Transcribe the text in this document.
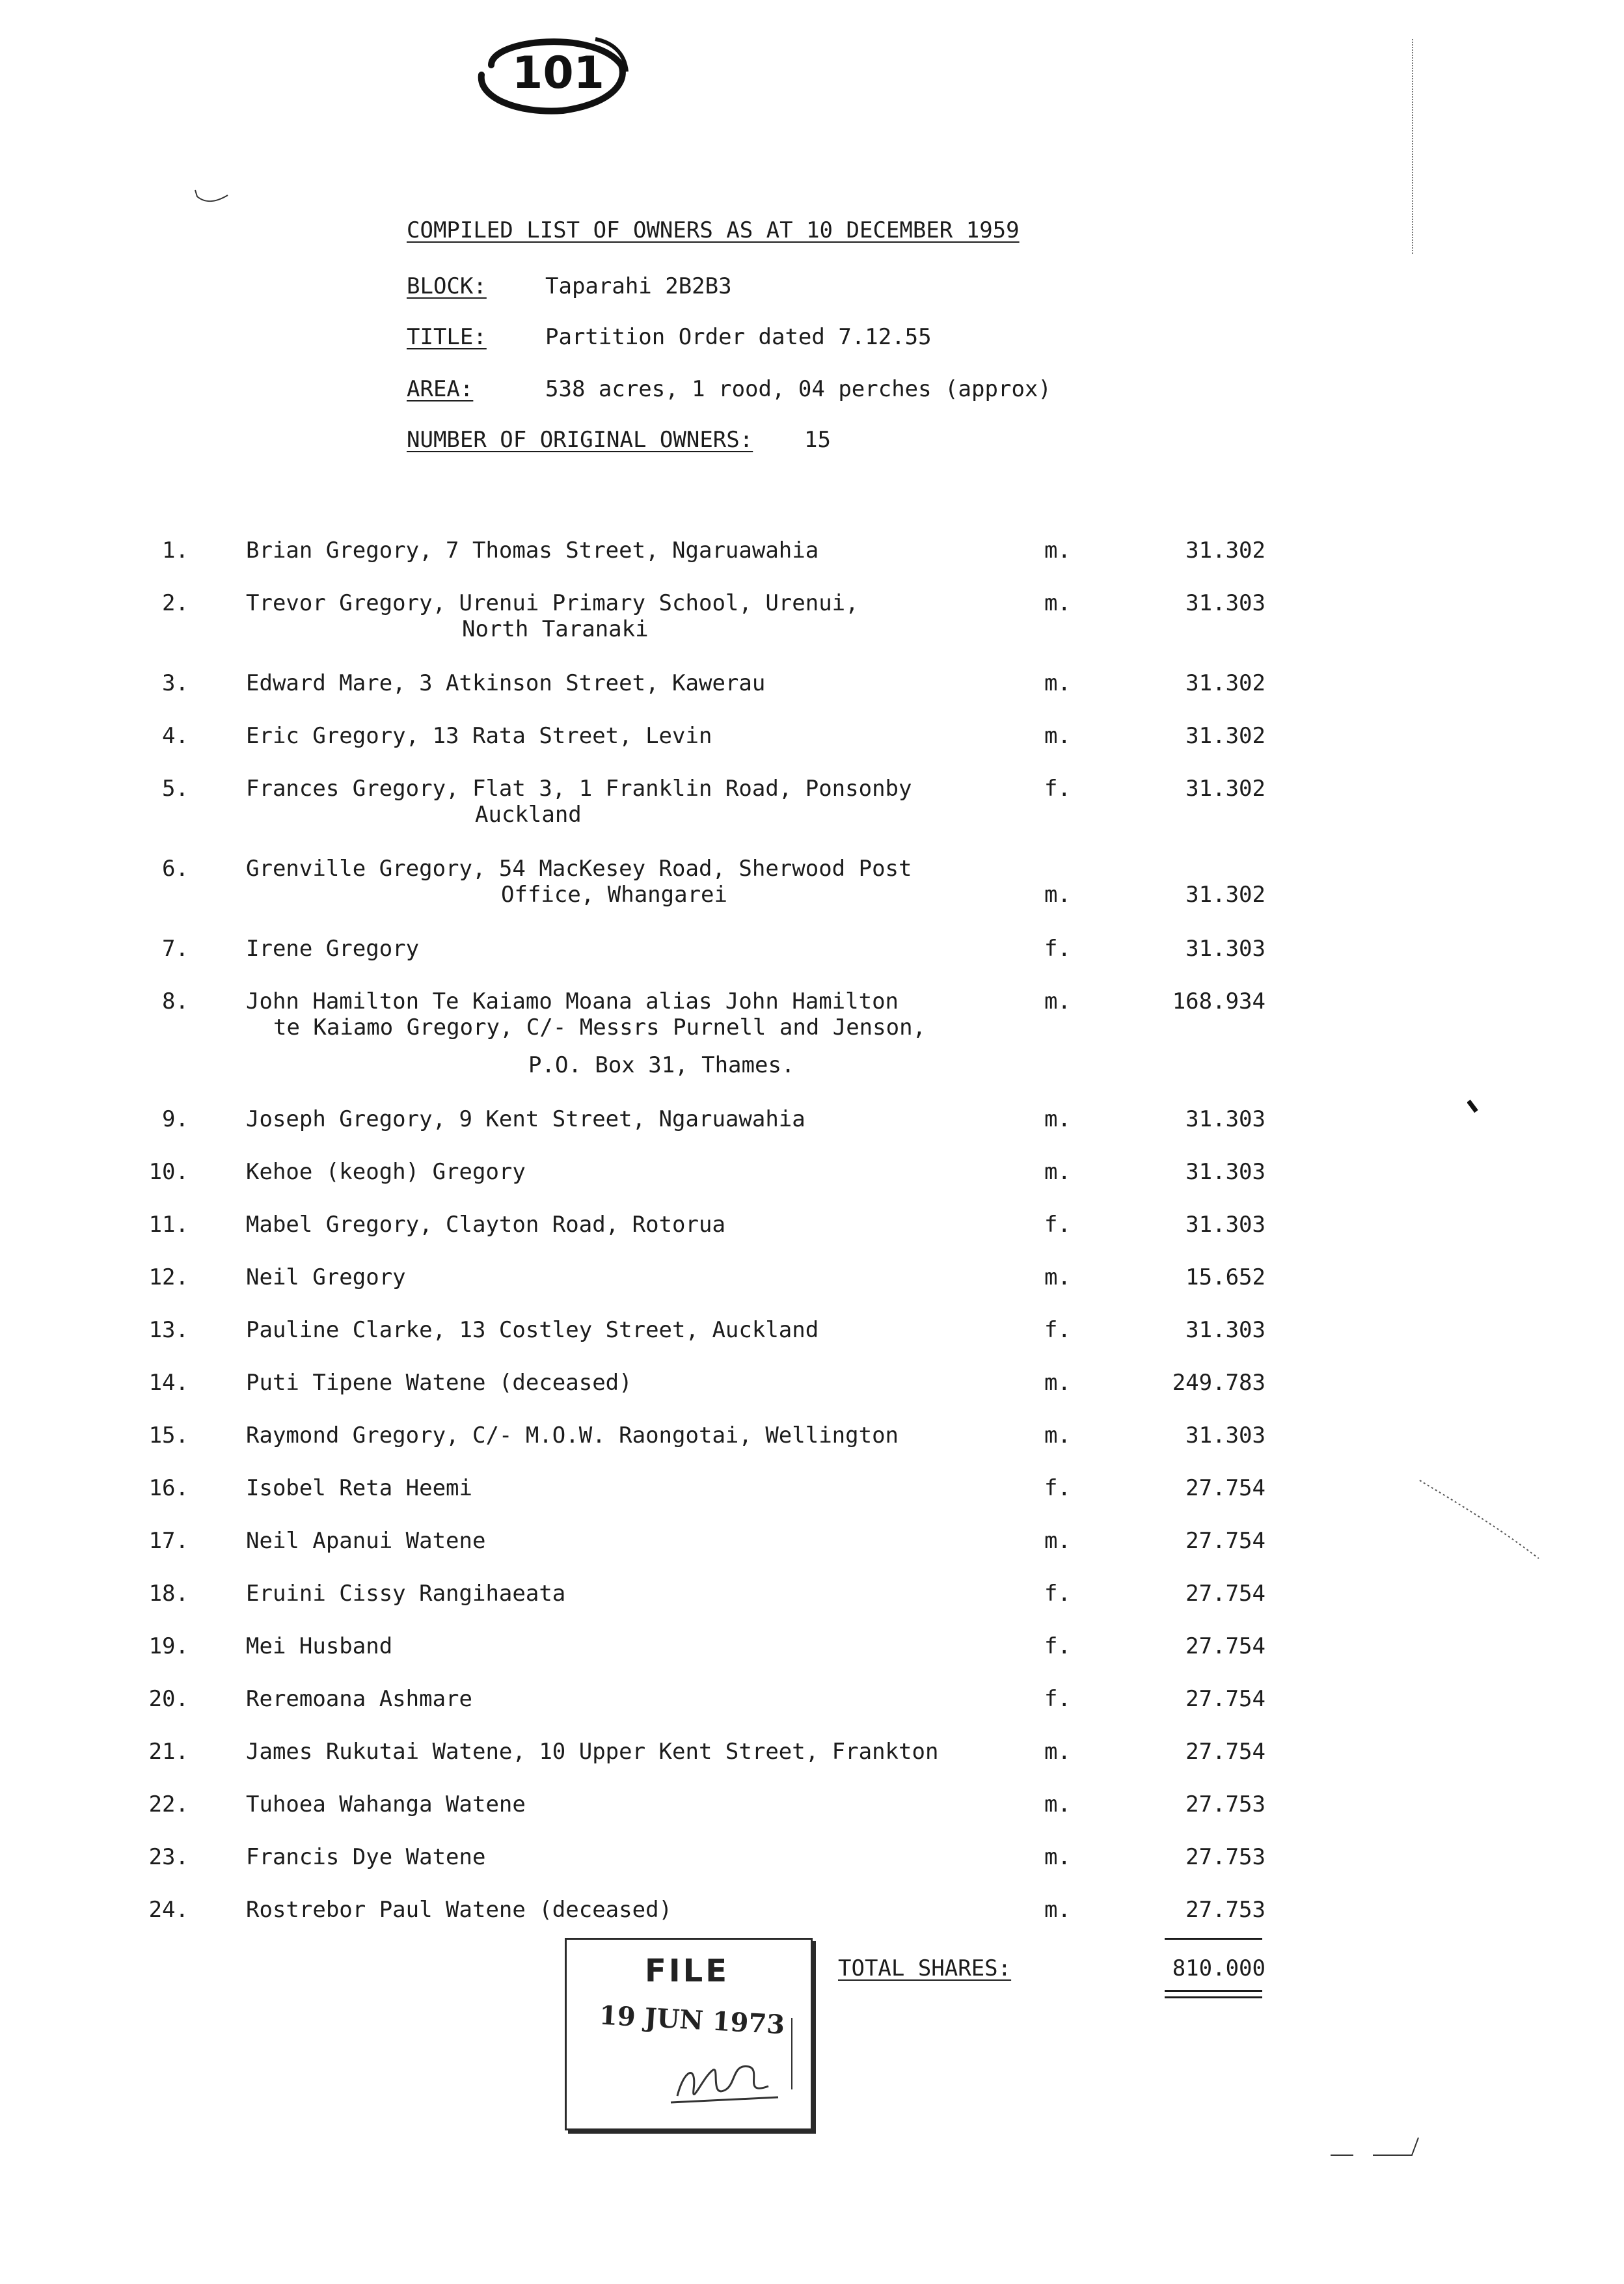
101
COMPILED LIST OF OWNERS AS AT 10 DECEMBER 1959
BLOCK:	Taparahi 2B2B3
TITLE:	Partition Order dated 7.12.55
AREA:	538 acres, 1 rood, 04 perches (approx)
NUMBER OF ORIGINAL OWNERS: 15
1.	Brian Gregory, 7 Thomas Street, Ngaruawahia	m.	31.302
2.	Trevor Gregory, Urenui Primary School, Urenui,
North Taranaki
m.	31.303
3.	Edward Mare, 3 Atkinson Street, Kawerau	m.	31.302
4.	Eric Gregory, 13 Rata Street, Levin	m.	31.302
5.	Frances Gregory, Flat 3, 1 Franklin Road, Ponsonby
Auckland
f.	31.302
6.	Grenville Gregory, 54 MacKesey Road, Sherwood Post
Office, Whangarei	m.	31.302
7.	Irene Gregory	f.	31.303
8.	John Hamilton Te Kaiamo Moana alias John Hamilton
te Kaiamo Gregory, C/- Messrs Purnell and Jenson,
P.O. Box 31, Thames.
m.	168.934
9.	Joseph Gregory, 9 Kent Street, Ngaruawahia	m.	31.303
10.	Kehoe (keogh) Gregory	m.	31.303
11.	Mabel Gregory, Clayton Road, Rotorua	f.	31.303
12.	Neil Gregory	m.	15.652
13.	Pauline Clarke, 13 Costley Street, Auckland	f.	31.303
14.	Puti Tipene Watene (deceased)	m.	249.783
15.	Raymond Gregory, C/- M.O.W. Raongotai, Wellington	m.	31.303
16.	Isobel Reta Heemi	f.	27.754
17.	Neil Apanui Watene	m.	27.754
18.	Eruini Cissy Rangihaeata	f.	27.754
19.	Mei Husband	f.	27.754
20.	Reremoana Ashmare	f.	27.754
21.	James Rukutai Watene, 10 Upper Kent Street, Frankton	m.	27.754
22.	Tuhoea Wahanga Watene	m.	27.753
23.	Francis Dye Watene	m.	27.753
24.	Rostrebor Paul Watene (deceased)	m.	27.753
TOTAL SHARES:	810.000
FILE
19 JUN 1973
